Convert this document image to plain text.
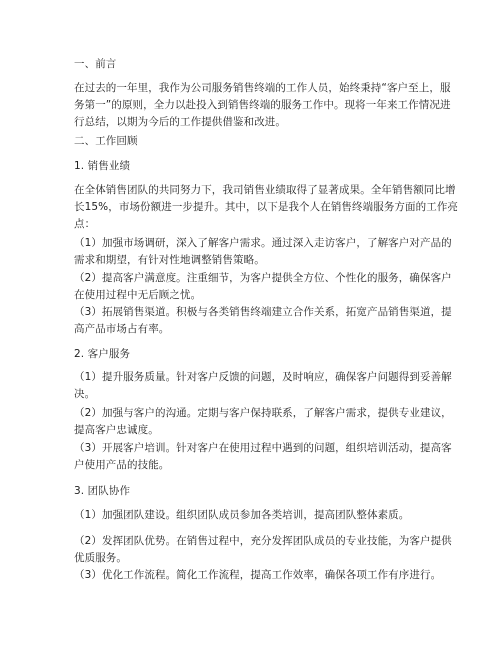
一、前言

在过去的一年里，我作为公司服务销售终端的工作人员，始终秉持“客户至上，服

务第一”的原则，全力以赴投入到销售终端的服务工作中。现将一年来工作情况进

行总结，以期为今后的工作提供借鉴和改进。

二、工作回顾

1. 销售业绩

在全体销售团队的共同努力下，我司销售业绩取得了显著成果。全年销售额同比增

长15%，市场份额进一步提升。其中，以下是我个人在销售终端服务方面的工作亮

点：

（1）加强市场调研，深入了解客户需求。通过深入走访客户，了解客户对产品的

需求和期望，有针对性地调整销售策略。

（2）提高客户满意度。注重细节，为客户提供全方位、个性化的服务，确保客户

在使用过程中无后顾之忧。

（3）拓展销售渠道。积极与各类销售终端建立合作关系，拓宽产品销售渠道，提

高产品市场占有率。

2. 客户服务

（1）提升服务质量。针对客户反馈的问题，及时响应，确保客户问题得到妥善解

决。

（2）加强与客户的沟通。定期与客户保持联系，了解客户需求，提供专业建议，

提高客户忠诚度。

（3）开展客户培训。针对客户在使用过程中遇到的问题，组织培训活动，提高客

户使用产品的技能。

3. 团队协作

（1）加强团队建设。组织团队成员参加各类培训，提高团队整体素质。

（2）发挥团队优势。在销售过程中，充分发挥团队成员的专业技能，为客户提供

优质服务。

（3）优化工作流程。简化工作流程，提高工作效率，确保各项工作有序进行。
